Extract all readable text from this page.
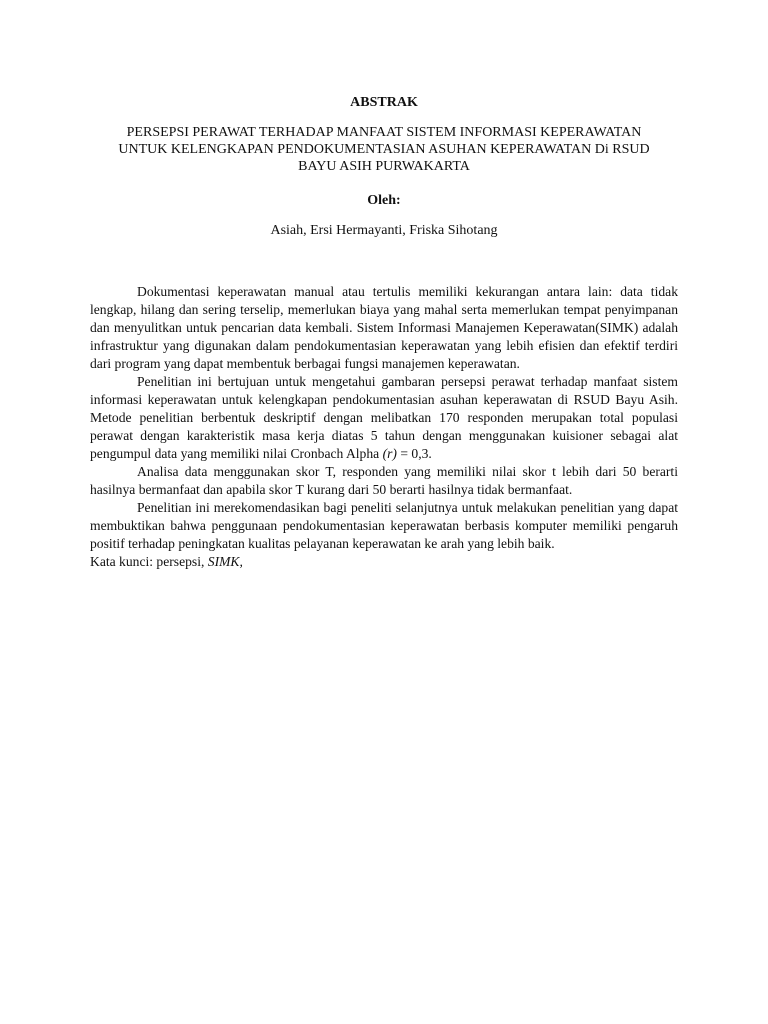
ABSTRAK
PERSEPSI PERAWAT TERHADAP MANFAAT SISTEM INFORMASI KEPERAWATAN
UNTUK KELENGKAPAN PENDOKUMENTASIAN ASUHAN KEPERAWATAN Di RSUD
BAYU ASIH PURWAKARTA
Oleh:
Asiah, Ersi Hermayanti, Friska Sihotang

Dokumentasi keperawatan manual atau tertulis memiliki kekurangan antara lain: data tidak lengkap, hilang dan sering terselip, memerlukan biaya yang mahal serta memerlukan tempat penyimpanan dan menyulitkan untuk pencarian data kembali. Sistem Informasi Manajemen Keperawatan(SIMK) adalah infrastruktur yang digunakan dalam pendokumentasian keperawatan yang lebih efisien dan efektif terdiri dari program yang dapat membentuk berbagai fungsi manajemen keperawatan.

Penelitian ini bertujuan untuk mengetahui gambaran persepsi perawat terhadap manfaat sistem informasi keperawatan untuk kelengkapan pendokumentasian asuhan keperawatan di RSUD Bayu Asih. Metode penelitian berbentuk deskriptif dengan melibatkan 170 responden merupakan total populasi perawat dengan karakteristik masa kerja diatas 5 tahun dengan menggunakan kuisioner sebagai alat pengumpul data yang memiliki nilai Cronbach Alpha (r) = 0,3.

Analisa data menggunakan skor T, responden yang memiliki nilai skor t lebih dari 50 berarti hasilnya bermanfaat dan apabila skor T kurang dari 50 berarti hasilnya tidak bermanfaat.

Penelitian ini merekomendasikan bagi peneliti selanjutnya untuk melakukan penelitian yang dapat membuktikan bahwa penggunaan pendokumentasian keperawatan berbasis komputer memiliki pengaruh positif terhadap peningkatan kualitas pelayanan keperawatan ke arah yang lebih baik.

Kata kunci: persepsi, SIMK,
